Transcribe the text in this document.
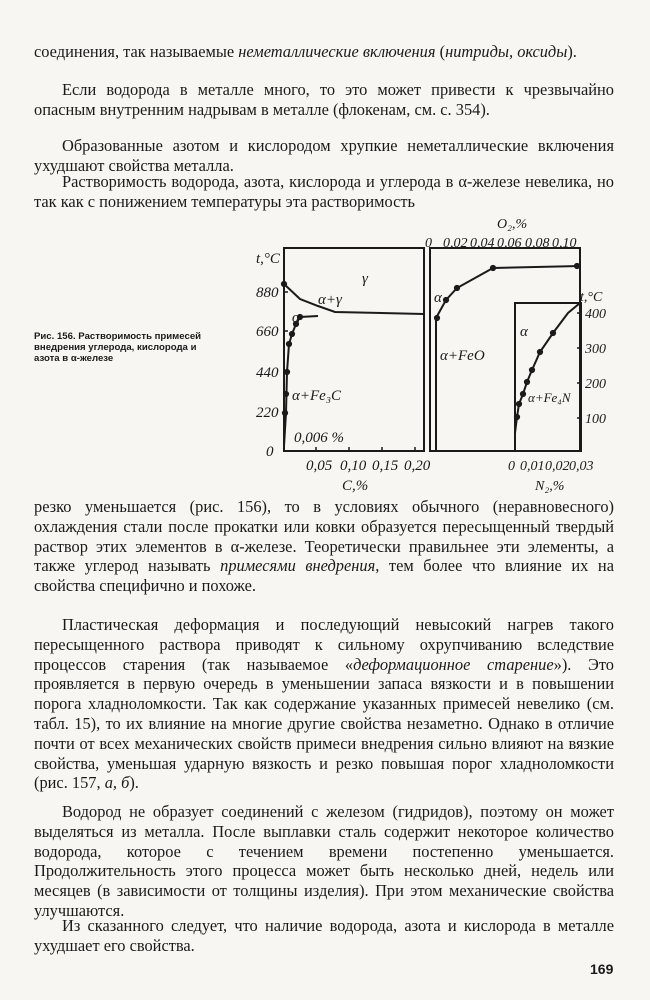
соединения, так называемые неметаллические включения (нитриды, оксиды).

Если водорода в металле много, то это может привести к чрезвычайно опасным внутренним надрывам в металле (флокенам, см. с. 354).

Образованные азотом и кислородом хрупкие неметаллические включения ухудшают свойства металла.

Растворимость водорода, азота, кислорода и углерода в α-железе невелика, но так как с понижением температуры эта растворимость

Рис. 156. Растворимость примесей внедрения углерода, кислорода и азота в α-железе

t,°C
880
660
440
220
0
0,05 0,10 0,15 0,20
C,%
γ
α+γ
α
α+Fe₃C
0,006 %
O₂,%
0 0,02 0,04 0,06 0,08 0,10
α
α+FeO
t,°C
400
300
200
100
0 0,01 0,02 0,03
N₂,%
α
α+Fe₄N

резко уменьшается (рис. 156), то в условиях обычного (неравновесного) охлаждения стали после прокатки или ковки образуется пересыщенный твердый раствор этих элементов в α-железе. Теоретически правильнее эти элементы, а также углерод называть примесями внедрения, тем более что влияние их на свойства специфично и похоже.

Пластическая деформация и последующий невысокий нагрев такого пересыщенного раствора приводят к сильному охрупчиванию вследствие процессов старения (так называемое «деформационное старение»). Это проявляется в первую очередь в уменьшении запаса вязкости и в повышении порога хладноломкости. Так как содержание указанных примесей невелико (см. табл. 15), то их влияние на многие другие свойства незаметно. Однако в отличие почти от всех механических свойств примеси внедрения сильно влияют на вязкие свойства, уменьшая ударную вязкость и резко повышая порог хладноломкости (рис. 157, а, б).

Водород не образует соединений с железом (гидридов), поэтому он может выделяться из металла. После выплавки сталь содержит некоторое количество водорода, которое с течением времени постепенно уменьшается. Продолжительность этого процесса может быть несколько дней, недель или месяцев (в зависимости от толщины изделия). При этом механические свойства улучшаются.

Из сказанного следует, что наличие водорода, азота и кислорода в металле ухудшает его свойства.

169
